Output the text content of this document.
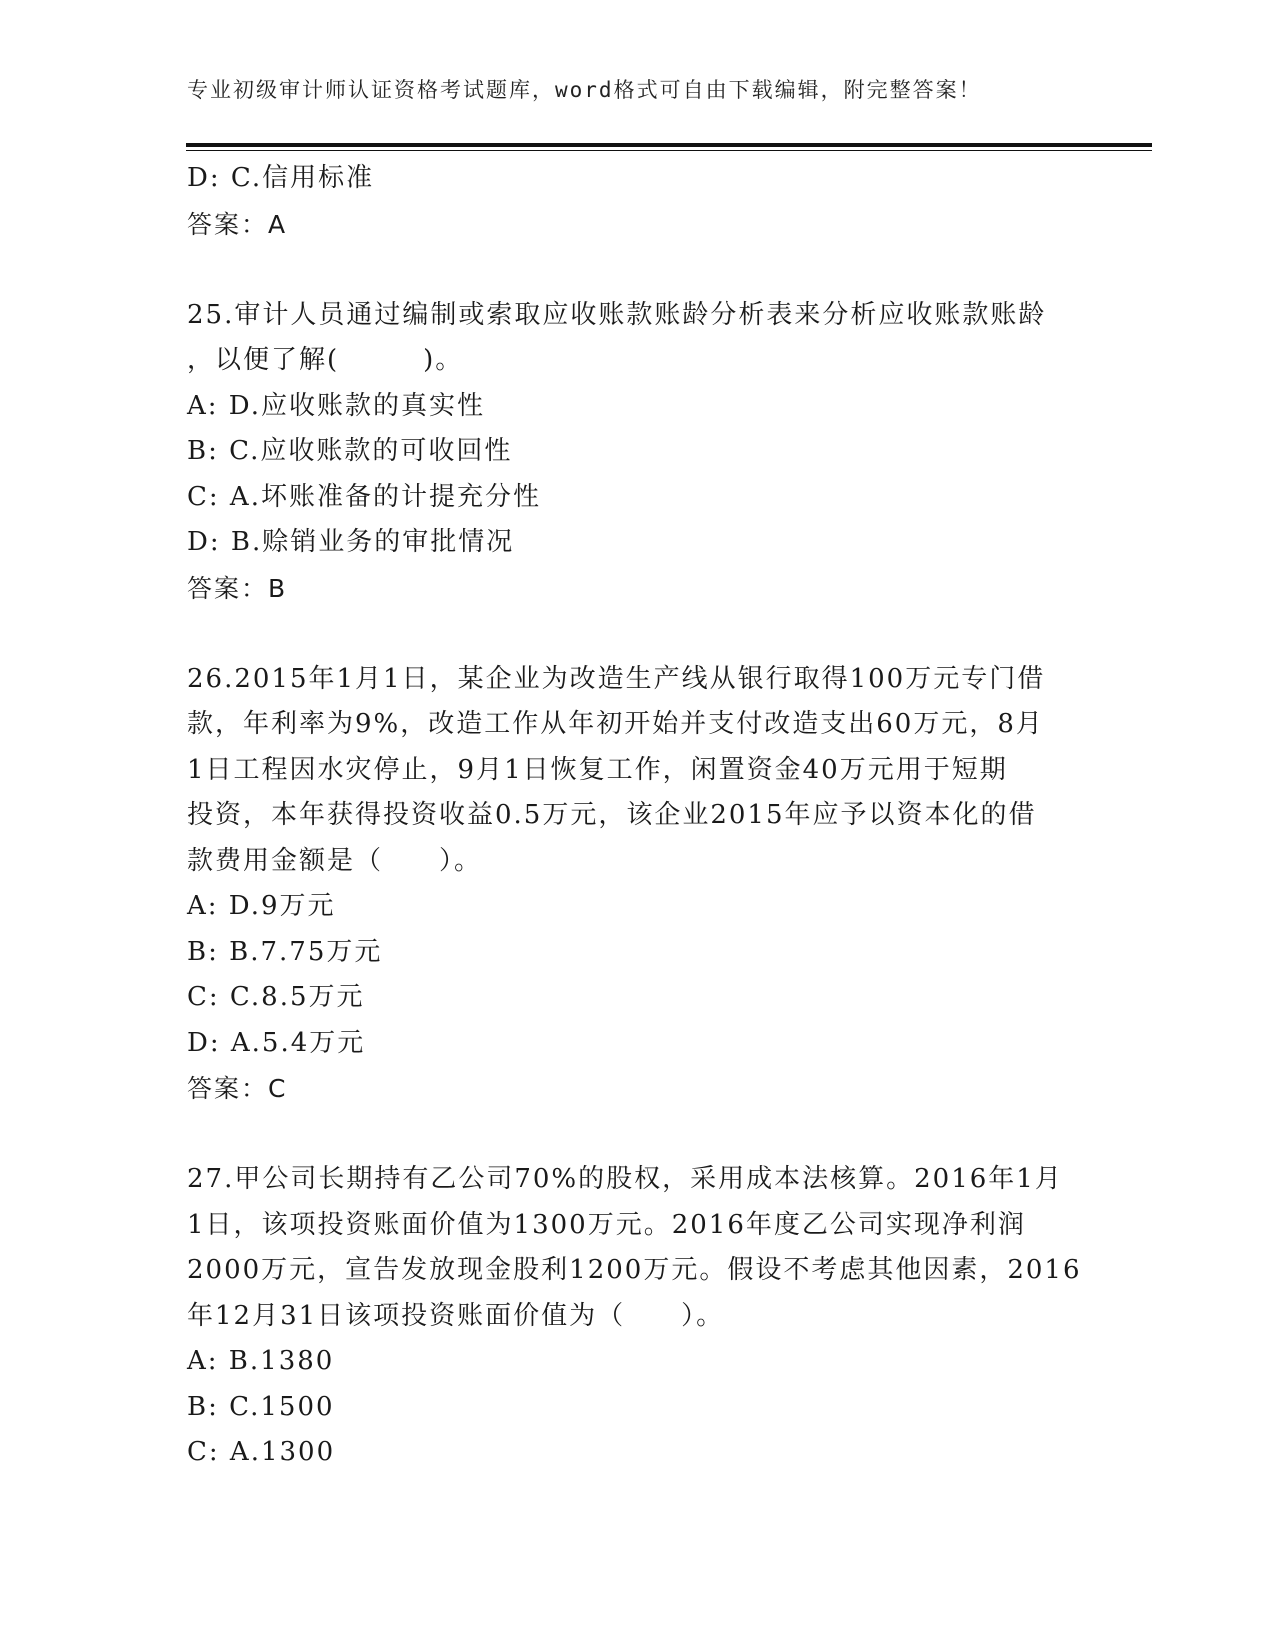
专业初级审计师认证资格考试题库，word格式可自由下载编辑，附完整答案！
D: C.信用标准
答案：A
25.审计人员通过编制或索取应收账款账龄分析表来分析应收账款账龄
，以便了解(　　　)。
A: D.应收账款的真实性
B: C.应收账款的可收回性
C: A.坏账准备的计提充分性
D: B.赊销业务的审批情况
答案：B
26.2015年1月1日，某企业为改造生产线从银行取得100万元专门借
款，年利率为9%，改造工作从年初开始并支付改造支出60万元，8月
1日工程因水灾停止，9月1日恢复工作，闲置资金40万元用于短期
投资，本年获得投资收益0.5万元，该企业2015年应予以资本化的借
款费用金额是（　　）。
A: D.9万元
B: B.7.75万元
C: C.8.5万元
D: A.5.4万元
答案：C
27.甲公司长期持有乙公司70%的股权，采用成本法核算。2016年1月
1日，该项投资账面价值为1300万元。2016年度乙公司实现净利润
2000万元，宣告发放现金股利1200万元。假设不考虑其他因素，2016
年12月31日该项投资账面价值为（　　）。
A: B.1380
B: C.1500
C: A.1300
